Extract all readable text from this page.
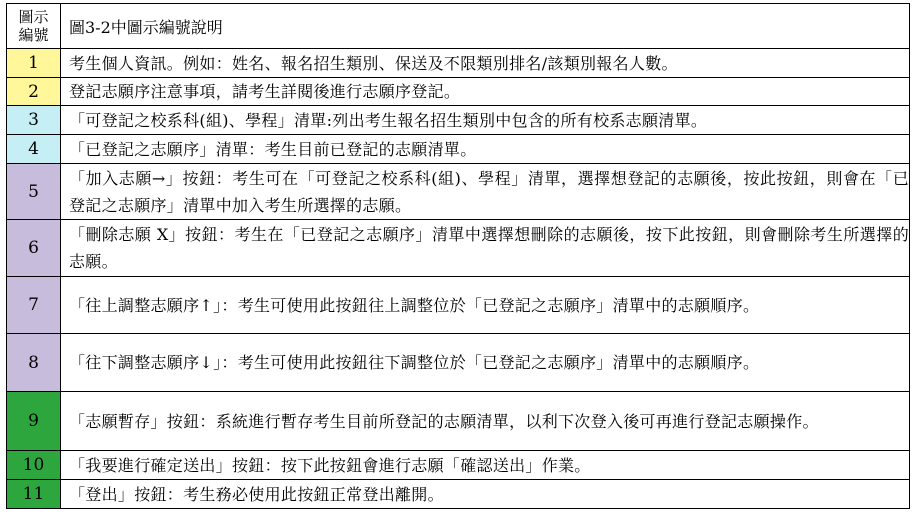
圖示
編號	圖3-2中圖示編號說明
1	考生個人資訊。例如：姓名、報名招生類別、保送及不限類別排名/該類別報名人數。
2	登記志願序注意事項，請考生詳閱後進行志願序登記。
3	「可登記之校系科(組)、學程」清單:列出考生報名招生類別中包含的所有校系志願清單。
4	「已登記之志願序」清單：考生目前已登記的志願清單。
5	「加入志願→」按鈕：考生可在「可登記之校系科(組)、學程」清單，選擇想登記的志願後，按此按鈕，則會在「已登記之志願序」清單中加入考生所選擇的志願。
6	「刪除志願 X」按鈕：考生在「已登記之志願序」清單中選擇想刪除的志願後，按下此按鈕，則會刪除考生所選擇的志願。
7	「往上調整志願序↑」：考生可使用此按鈕往上調整位於「已登記之志願序」清單中的志願順序。
8	「往下調整志願序↓」：考生可使用此按鈕往下調整位於「已登記之志願序」清單中的志願順序。
9	「志願暫存」按鈕：系統進行暫存考生目前所登記的志願清單，以利下次登入後可再進行登記志願操作。
10	「我要進行確定送出」按鈕：按下此按鈕會進行志願「確認送出」作業。
11	「登出」按鈕：考生務必使用此按鈕正常登出離開。
